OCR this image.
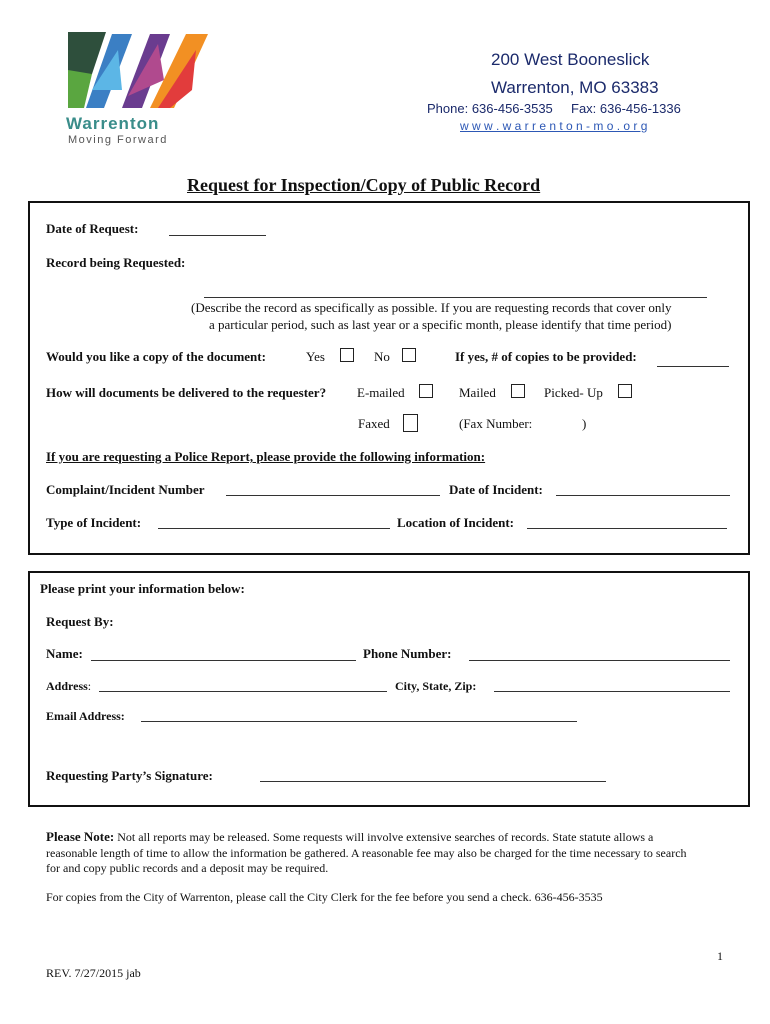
Warrenton
Moving Forward
200 West Booneslick
Warrenton, MO 63383
Phone: 636-456-3535 Fax: 636-456-1336
w w w . w a r r e n t o n - m o . o r g
Request for Inspection/Copy of Public Record
Date of Request:
Record being Requested:
(Describe the record as specifically as possible. If you are requesting records that cover only
a particular period, such as last year or a specific month, please identify that time period)
Would you like a copy of the document:	Yes	No	If yes, # of copies to be provided:
How will documents be delivered to the requester? E-mailed	Mailed	Picked- Up
Faxed	(Fax Number:	)
If you are requesting a Police Report, please provide the following information:
Complaint/Incident Number	Date of Incident:
Type of Incident:	Location of Incident:
Please print your information below:
Request By:
Name:	Phone Number:
Address:	City, State, Zip:
Email Address:
Requesting Party’s Signature:
Please Note: Not all reports may be released. Some requests will involve extensive searches of records. State statute allows a
reasonable length of time to allow the information be gathered. A reasonable fee may also be charged for the time necessary to search
for and copy public records and a deposit may be required.
For copies from the City of Warrenton, please call the City Clerk for the fee before you send a check. 636-456-3535
1
REV. 7/27/2015 jab
